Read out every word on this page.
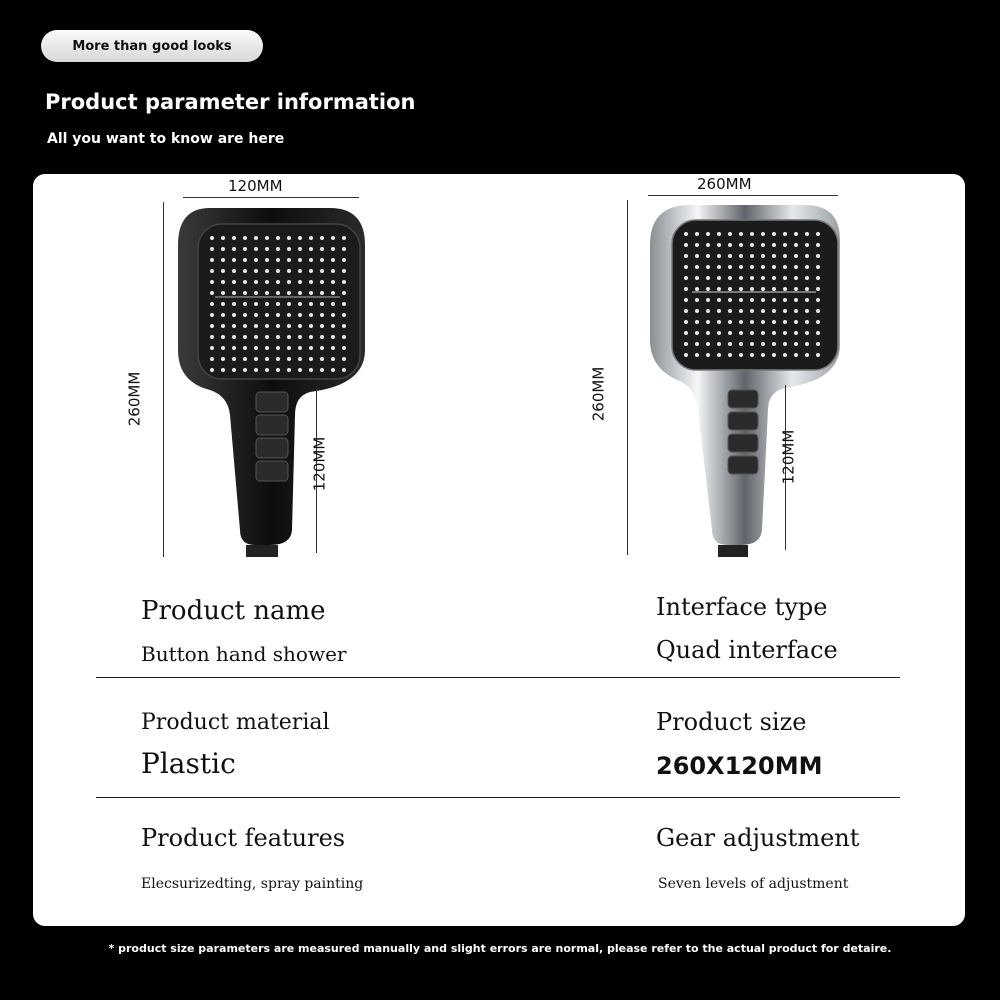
More than good looks
Product parameter information
All you want to know are here
120MM
260MM
120MM
260MM
260MM
120MM
Product name
Button hand shower
Interface type
Quad interface
Product material
Plastic
Product size
260X120MM
Product features
Elecsurizedting, spray painting
Gear adjustment
Seven levels of adjustment
* product size parameters are measured manually and slight errors are normal, please refer to the actual product for detaire.
